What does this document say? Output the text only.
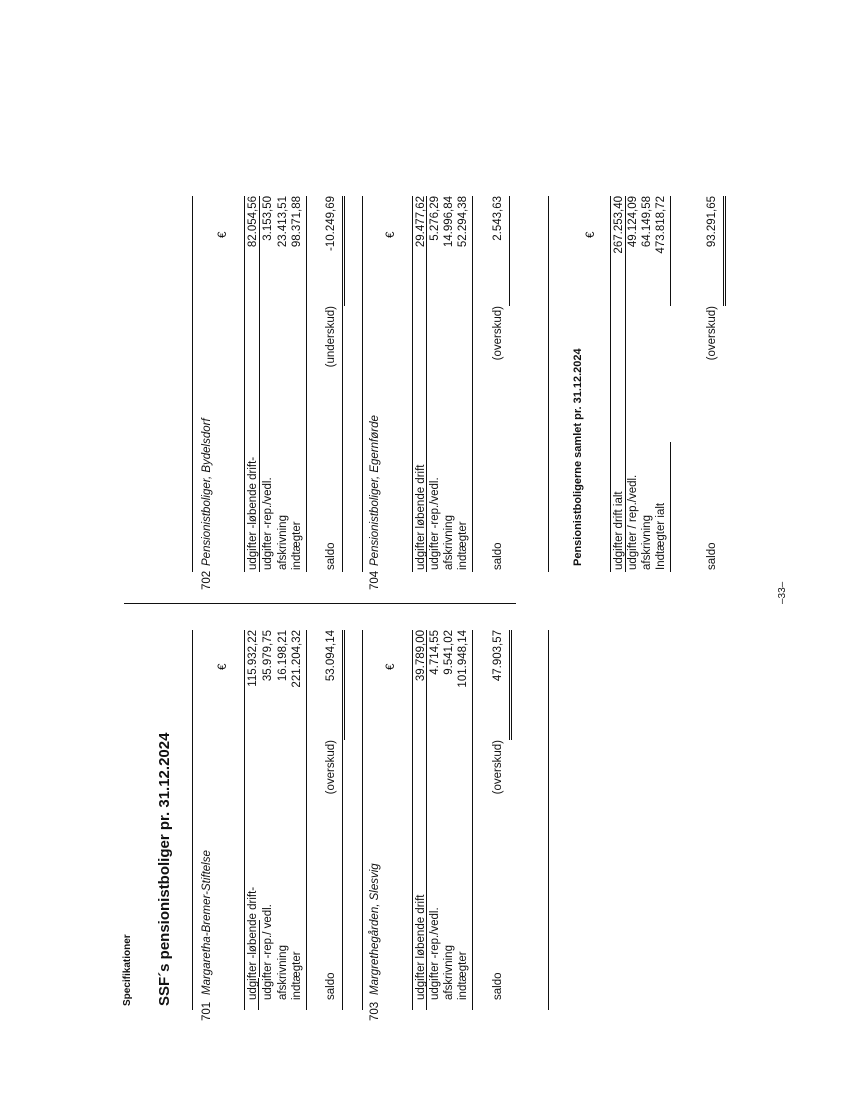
Specifikationer SSF´s pensionistboliger pr. 31.12.2024
701
Margaretha-Bremer-Stiftelse
€
udgifter -løbende drift- udgifter -rep./ vedl. afskrivning indtægter
115.932,22 35.979,75 16.198,21 221.204,32
saldo
(overskud)
53.094,14
703
Margrethegården, Slesvig
€
udgifter løbende drift udgifter -rep./vedl. afskrivning indtægter
39.789,00 4.714,55 9.541,02 101.948,14
saldo
(overskud)
47.903,57
702
Pensionistboliger, Bydelsdorf
€
udgifter -løbende drift- udgifter -rep./vedl. afskrivning indtægter
82.054,56 3.153,50 23.413,51 98.371,88
saldo
(underskud)
-10.249,69
704
Pensionistboliger, Egernførde
€
udgifter løbende drift udgifter -rep./vedl. afskrivning indtægter
29.477,62 5.276,29 14.996,84 52.294,38
saldo
(overskud)
2.543,63
Pensionistboligerne samlet pr. 31.12.2024
€
udgifter drift ialt udgifter / rep./vedl. afskrivning Indtægter ialt
267.253,40 49.124,09 64.149,58 473.818,72
saldo
(overskud)
93.291,65
–33–
